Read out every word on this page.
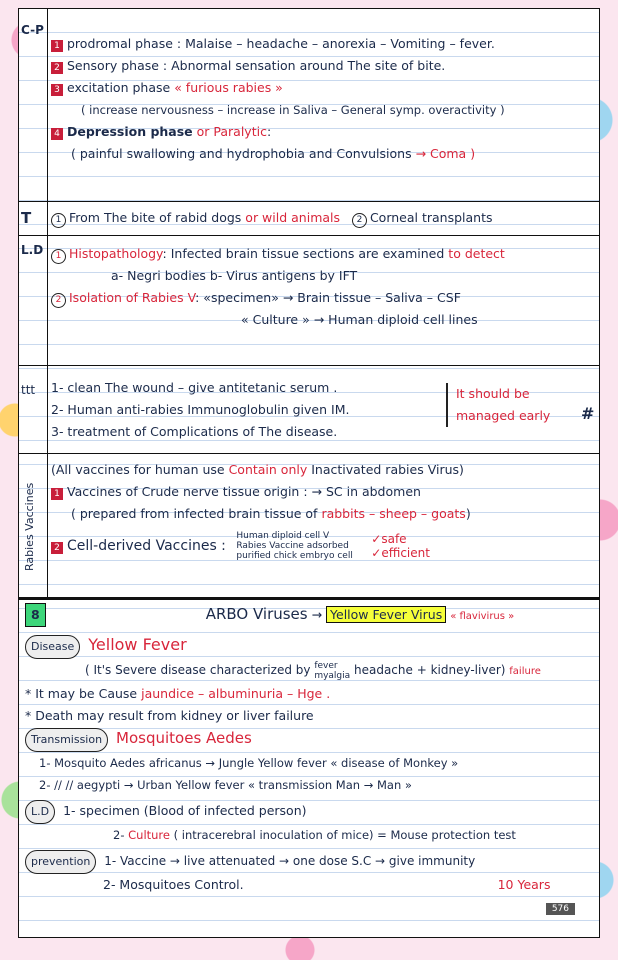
C-P
1 prodromal phase : Malaise – headache – anorexia – Vomiting – fever.
2 Sensory phase : Abnormal sensation around The site of bite.
3 excitation phase « furious rabies »
( increase nervousness – increase in Saliva – General symp. overactivity )
4 Depression phase or Paralytic:
( painful swallowing and hydrophobia and Convulsions → Coma )
T	1 From The bite of rabid dogs or wild animals 2 Corneal transplants
L.D	1 Histopathology: Infected brain tissue sections are examined to detect
a- Negri bodies b- Virus antigens by IFT
2 Isolation of Rabies V: «specimen» → Brain tissue – Saliva – CSF
« Culture » → Human diploid cell lines
ttt 1- clean The wound – give antitetanic serum .
2- Human anti-rabies Immunoglobulin given IM.
3- treatment of Complications of The disease.
It should be
managed early #
Rabies Vaccines
(All vaccines for human use Contain only Inactivated rabies Virus)
1 Vaccines of Crude nerve tissue origin : → SC in abdomen
( prepared from infected brain tissue of rabbits – sheep – goats)
2 Cell-derived Vaccines :
Human diploid cell V
Rabies Vaccine adsorbed
purified chick embryo cell

✓safe
✓efficient
8	ARBO Viruses → Yellow Fever Virus « flavivirus »
Disease Yellow Fever
( It's Severe disease characterized by fever
myalgia headache + kidney-liver) failure
* It may be Cause jaundice – albuminuria – Hge .
* Death may result from kidney or liver failure
Transmission Mosquitoes Aedes
1- Mosquito Aedes africanus → Jungle Yellow fever « disease of Monkey »
2- // // aegypti → Urban Yellow fever « transmission Man → Man »
L.D 1- specimen (Blood of infected person)
2- Culture ( intracerebral inoculation of mice) = Mouse protection test
prevention 1- Vaccine → live attenuated → one dose S.C → give immunity
2- Mosquitoes Control.	10 Years
576
